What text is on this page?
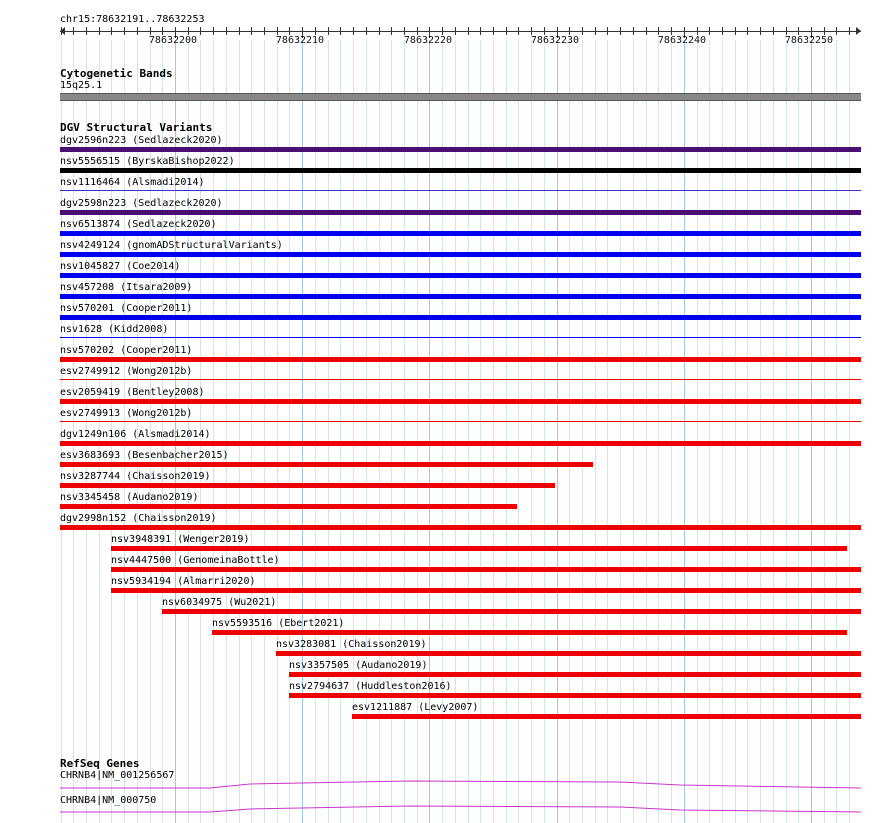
chr15:78632191..78632253
78632200	78632210	78632220	78632230	78632240	78632250
Cytogenetic Bands
15q25.1
DGV Structural Variants
dgv2596n223 (Sedlazeck2020)
nsv5556515 (ByrskaBishop2022)
nsv1116464 (Alsmadi2014)
dgv2598n223 (Sedlazeck2020)
nsv6513874 (Sedlazeck2020)
nsv4249124 (gnomADStructuralVariants)
nsv1045827 (Coe2014)
nsv457208 (Itsara2009)
nsv570201 (Cooper2011)
nsv1628 (Kidd2008)
nsv570202 (Cooper2011)
esv2749912 (Wong2012b)
esv2059419 (Bentley2008)
esv2749913 (Wong2012b)
dgv1249n106 (Alsmadi2014)
esv3683693 (Besenbacher2015)
nsv3287744 (Chaisson2019)
nsv3345458 (Audano2019)
dgv2998n152 (Chaisson2019)
nsv3948391 (Wenger2019)
nsv4447500 (GenomeinaBottle)
nsv5934194 (Almarri2020)
nsv6034975 (Wu2021)
nsv5593516 (Ebert2021)
nsv3283081 (Chaisson2019)
nsv3357505 (Audano2019)
nsv2794637 (Huddleston2016)
esv1211887 (Levy2007)
RefSeq Genes
CHRNB4|NM_001256567
CHRNB4|NM_000750
